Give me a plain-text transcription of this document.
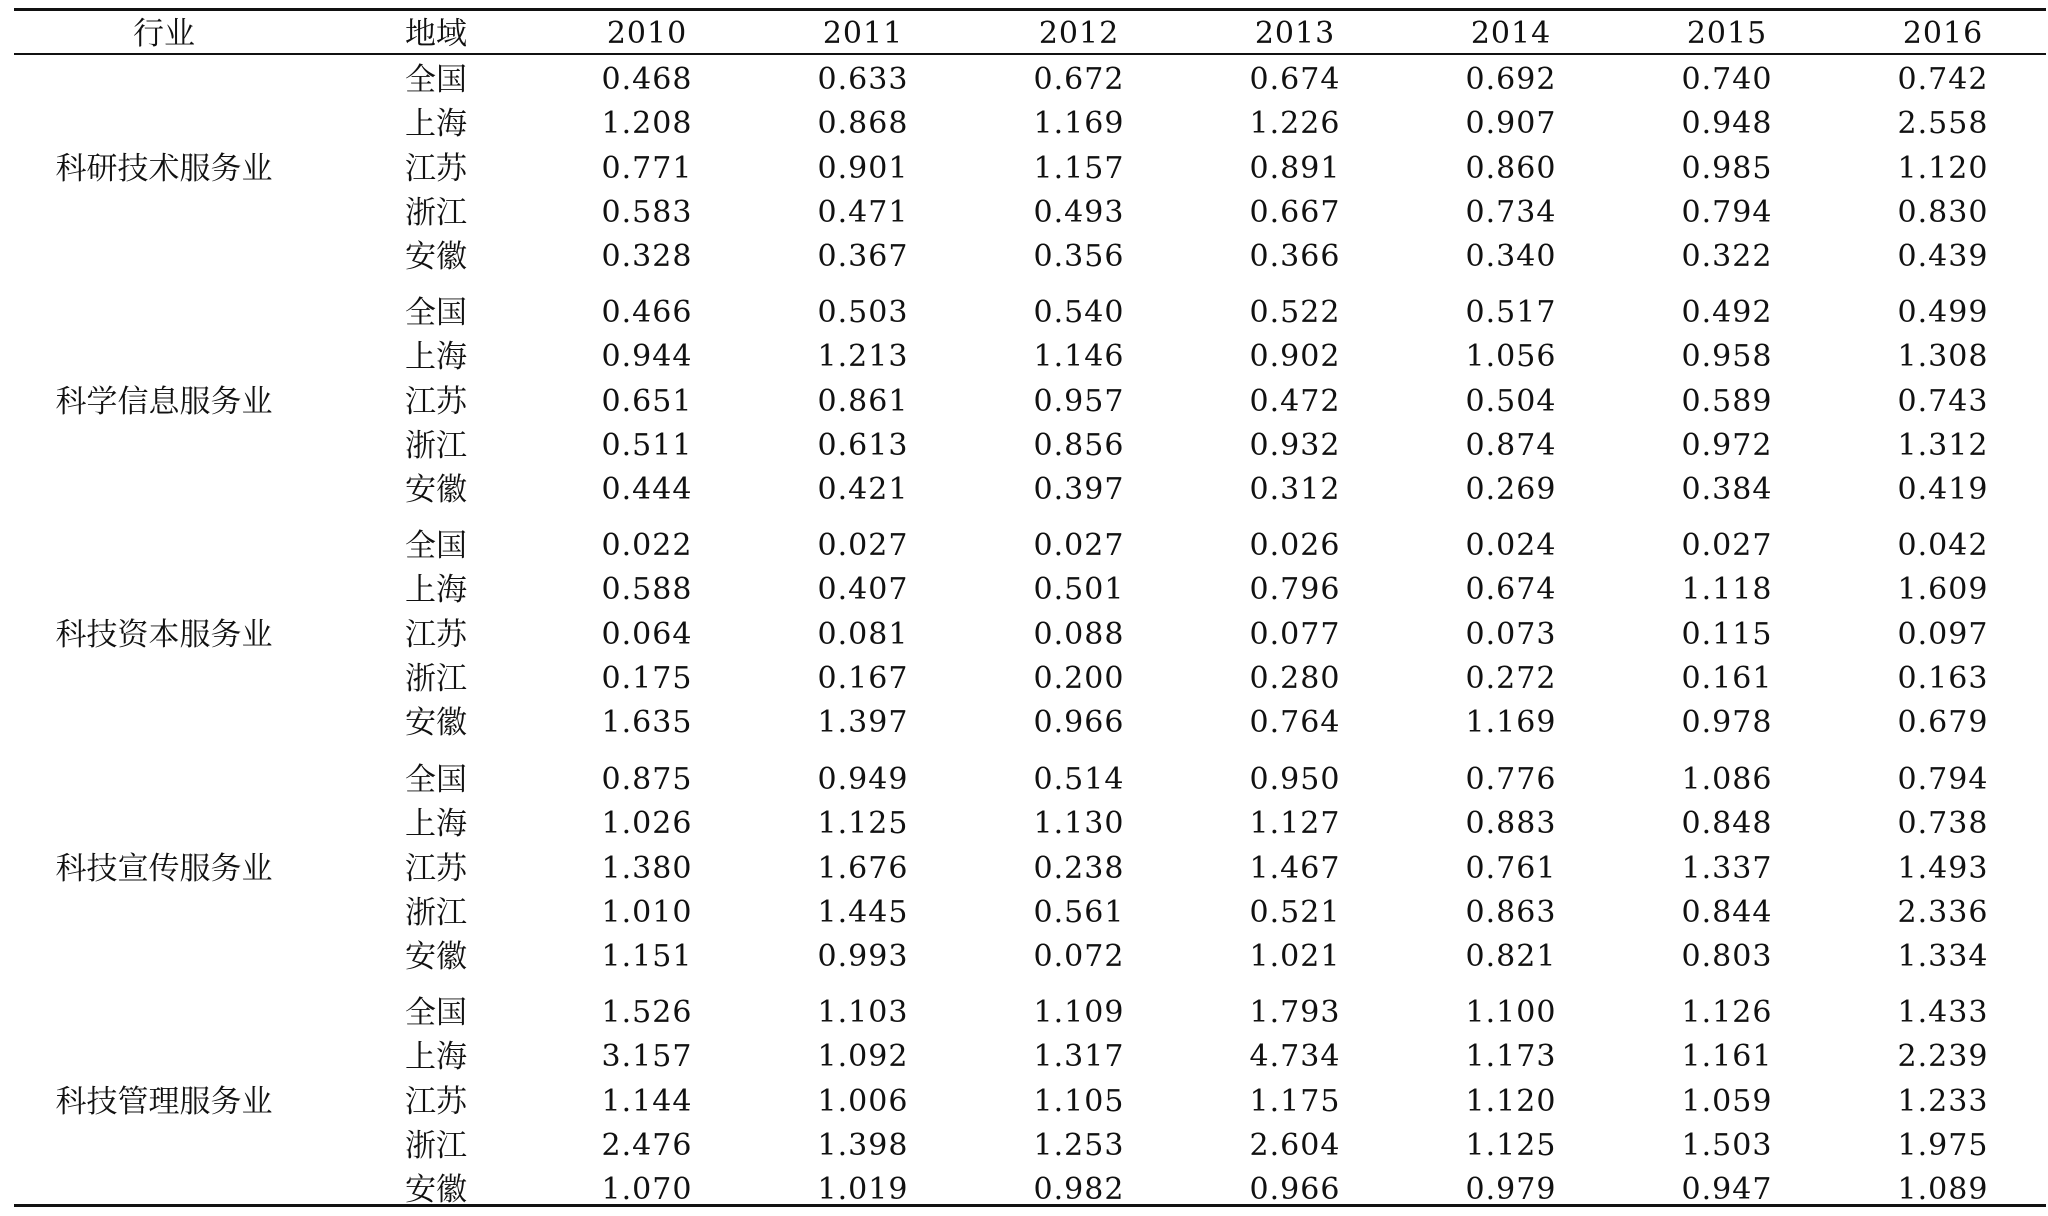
行业	地域	2010	2011	2012	2013	2014	2015	2016
科研技术服务业
全国	0.468	0.633	0.672	0.674	0.692	0.740	0.742
上海	1.208	0.868	1.169	1.226	0.907	0.948	2.558
江苏	0.771	0.901	1.157	0.891	0.860	0.985	1.120
浙江	0.583	0.471	0.493	0.667	0.734	0.794	0.830
安徽	0.328	0.367	0.356	0.366	0.340	0.322	0.439
科学信息服务业
全国	0.466	0.503	0.540	0.522	0.517	0.492	0.499
上海	0.944	1.213	1.146	0.902	1.056	0.958	1.308
江苏	0.651	0.861	0.957	0.472	0.504	0.589	0.743
浙江	0.511	0.613	0.856	0.932	0.874	0.972	1.312
安徽	0.444	0.421	0.397	0.312	0.269	0.384	0.419
科技资本服务业
全国	0.022	0.027	0.027	0.026	0.024	0.027	0.042
上海	0.588	0.407	0.501	0.796	0.674	1.118	1.609
江苏	0.064	0.081	0.088	0.077	0.073	0.115	0.097
浙江	0.175	0.167	0.200	0.280	0.272	0.161	0.163
安徽	1.635	1.397	0.966	0.764	1.169	0.978	0.679
科技宣传服务业
全国	0.875	0.949	0.514	0.950	0.776	1.086	0.794
上海	1.026	1.125	1.130	1.127	0.883	0.848	0.738
江苏	1.380	1.676	0.238	1.467	0.761	1.337	1.493
浙江	1.010	1.445	0.561	0.521	0.863	0.844	2.336
安徽	1.151	0.993	0.072	1.021	0.821	0.803	1.334
科技管理服务业
全国	1.526	1.103	1.109	1.793	1.100	1.126	1.433
上海	3.157	1.092	1.317	4.734	1.173	1.161	2.239
江苏	1.144	1.006	1.105	1.175	1.120	1.059	1.233
浙江	2.476	1.398	1.253	2.604	1.125	1.503	1.975
安徽	1.070	1.019	0.982	0.966	0.979	0.947	1.089
